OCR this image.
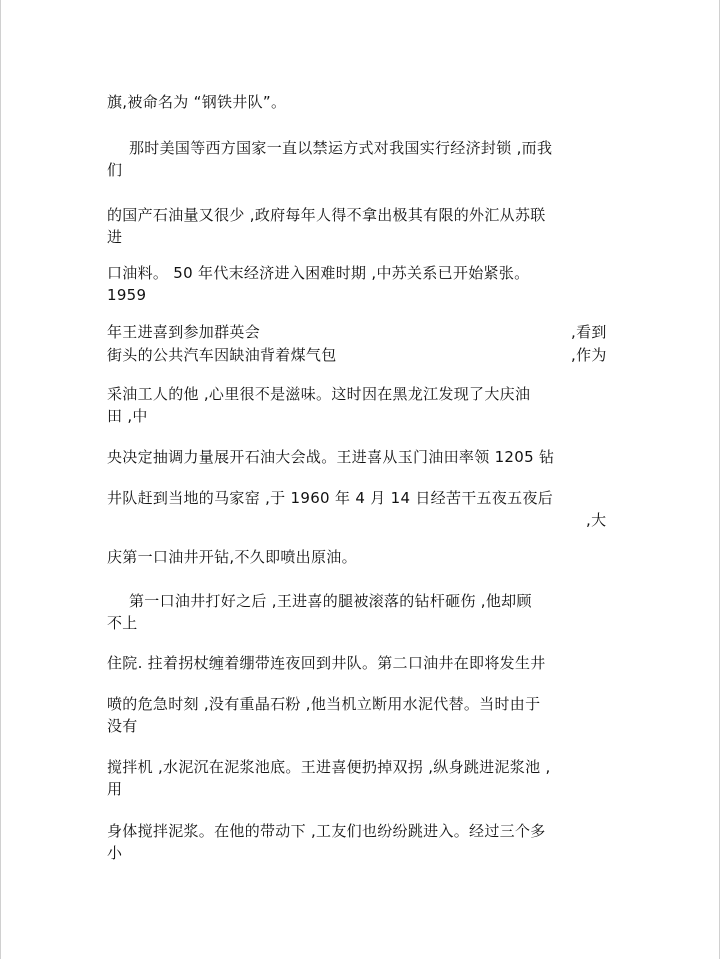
旗,被命名为 “钢铁井队”。
那时美国等西方国家一直以禁运方式对我国实行经济封锁 ,而我
们
的国产石油量又很少 ,政府每年人得不拿出极其有限的外汇从苏联
进
口油料。 50 年代末经济进入困难时期 ,中苏关系已开始紧张。
1959
年王进喜到参加群英会	,看到
街头的公共汽车因缺油背着煤气包	,作为
采油工人的他 ,心里很不是滋味。这时因在黑龙江发现了大庆油
田 ,中
央决定抽调力量展开石油大会战。王进喜从玉门油田率领 1205 钻
井队赶到当地的马家窑 ,于 1960 年 4 月 14 日经苦干五夜五夜后
,大
庆第一口油井开钻,不久即喷出原油。
第一口油井打好之后 ,王进喜的腿被滚落的钻杆砸伤 ,他却顾
不上
住院. 拄着拐杖缠着绷带连夜回到井队。第二口油井在即将发生井
喷的危急时刻 ,没有重晶石粉 ,他当机立断用水泥代替。当时由于
没有
搅拌机 ,水泥沉在泥浆池底。王进喜便扔掉双拐 ,纵身跳进泥浆池 ,
用
身体搅拌泥浆。在他的带动下 ,工友们也纷纷跳进入。经过三个多
小
